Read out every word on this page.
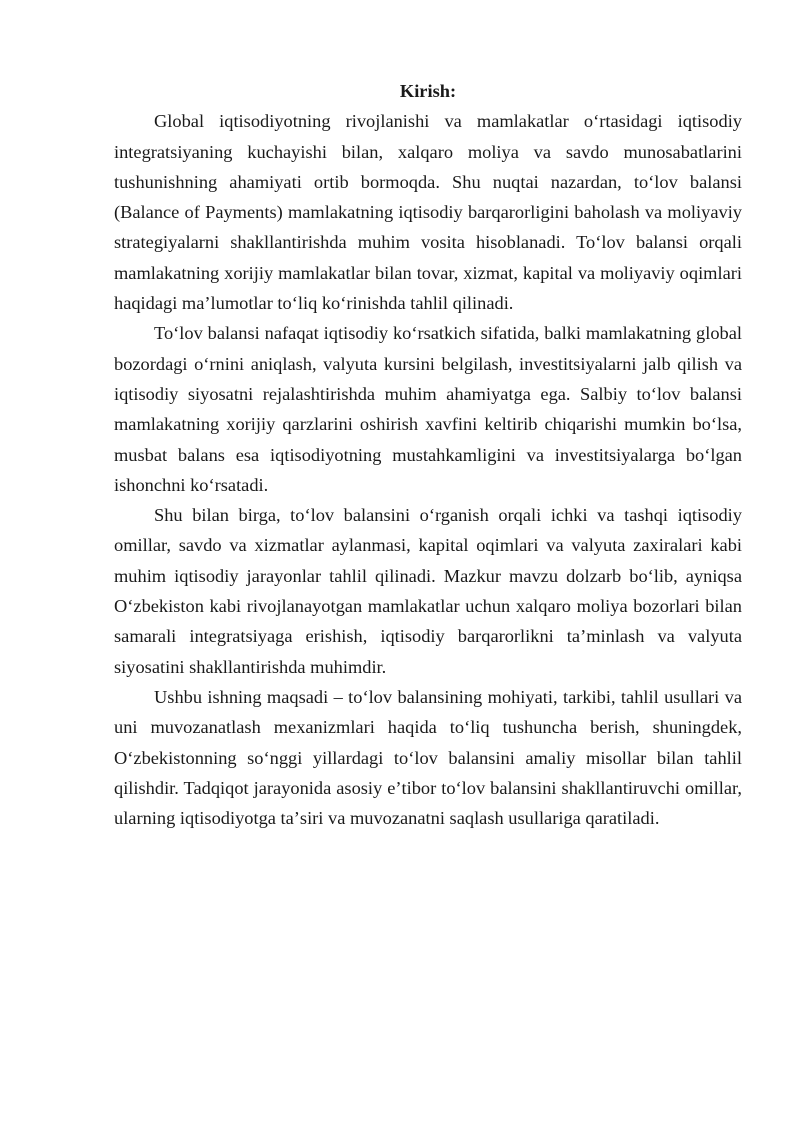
Kirish:

Global iqtisodiyotning rivojlanishi va mamlakatlar oʻrtasidagi iqtisodiy integratsiyaning kuchayishi bilan, xalqaro moliya va savdo munosabatlarini tushunishning ahamiyati ortib bormoqda. Shu nuqtai nazardan, toʻlov balansi (Balance of Payments) mamlakatning iqtisodiy barqarorligini baholash va moliyaviy strategiyalarni shakllantirishda muhim vosita hisoblanadi. Toʻlov balansi orqali mamlakatning xorijiy mamlakatlar bilan tovar, xizmat, kapital va moliyaviy oqimlari haqidagi maʼlumotlar toʻliq koʻrinishda tahlil qilinadi.

Toʻlov balansi nafaqat iqtisodiy koʻrsatkich sifatida, balki mamlakatning global bozordagi oʻrnini aniqlash, valyuta kursini belgilash, investitsiyalarni jalb qilish va iqtisodiy siyosatni rejalashtirishda muhim ahamiyatga ega. Salbiy toʻlov balansi mamlakatning xorijiy qarzlarini oshirish xavfini keltirib chiqarishi mumkin boʻlsa, musbat balans esa iqtisodiyotning mustahkamligini va investitsiyalarga boʻlgan ishonchni koʻrsatadi.

Shu bilan birga, toʻlov balansini oʻrganish orqali ichki va tashqi iqtisodiy omillar, savdo va xizmatlar aylanmasi, kapital oqimlari va valyuta zaxiralari kabi muhim iqtisodiy jarayonlar tahlil qilinadi. Mazkur mavzu dolzarb boʻlib, ayniqsa Oʻzbekiston kabi rivojlanayotgan mamlakatlar uchun xalqaro moliya bozorlari bilan samarali integratsiyaga erishish, iqtisodiy barqarorlikni taʼminlash va valyuta siyosatini shakllantirishda muhimdir.

Ushbu ishning maqsadi – toʻlov balansining mohiyati, tarkibi, tahlil usullari va uni muvozanatlash mexanizmlari haqida toʻliq tushuncha berish, shuningdek, Oʻzbekistonning soʻnggi yillardagi toʻlov balansini amaliy misollar bilan tahlil qilishdir. Tadqiqot jarayonida asosiy eʼtibor toʻlov balansini shakllantiruvchi omillar, ularning iqtisodiyotga taʼsiri va muvozanatni saqlash usullariga qaratiladi.
